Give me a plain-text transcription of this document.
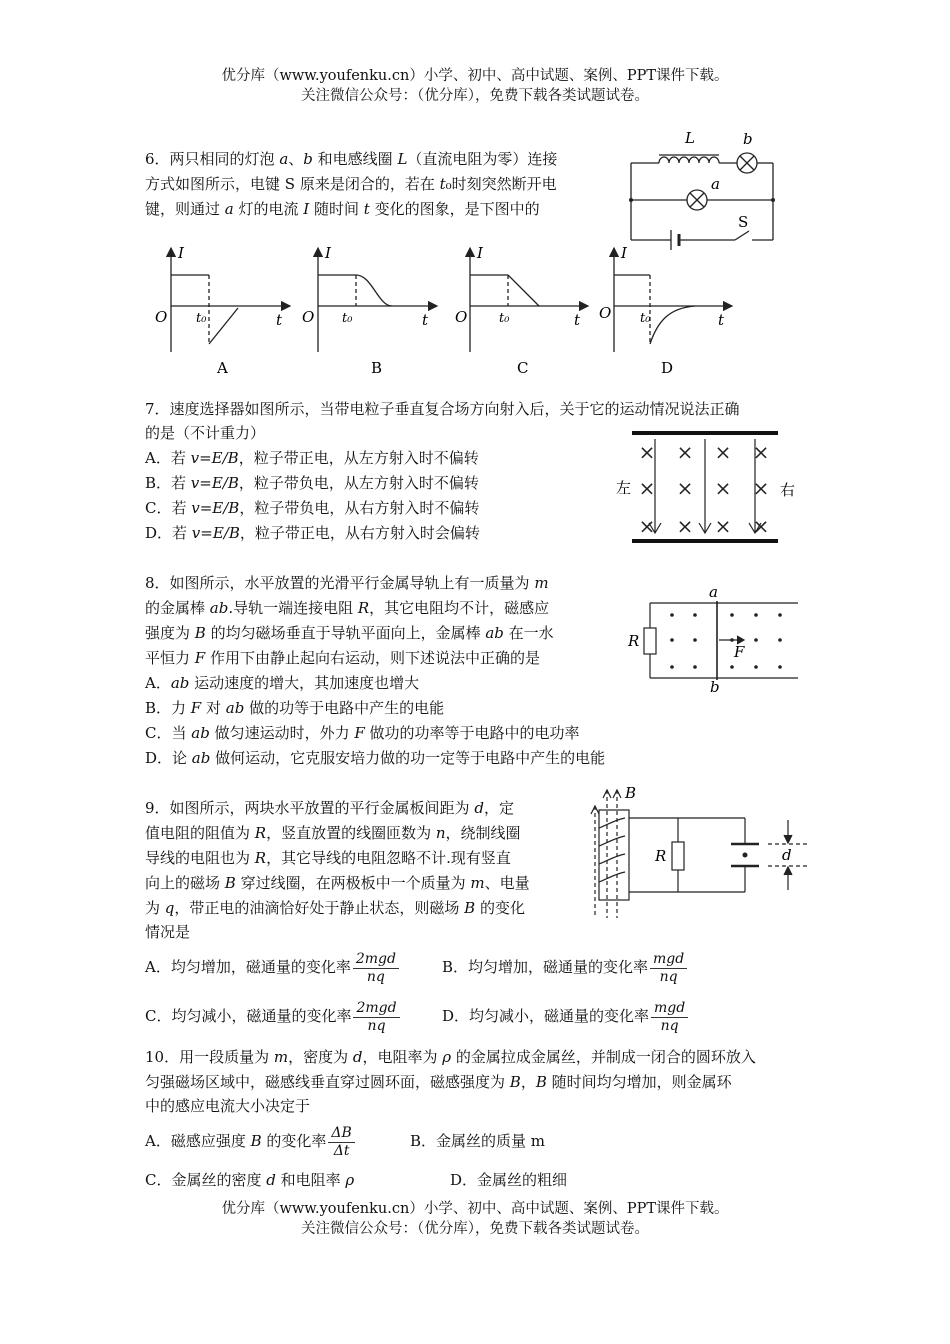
优分库（www.youfenku.cn）小学、初中、高中试题、案例、PPT课件下载。
关注微信公众号：（优分库），免费下载各类试题试卷。
6．两只相同的灯泡 a、b 和电感线圈 L（直流电阻为零）连接
方式如图所示，电键 S 原来是闭合的，若在 t₀时刻突然断开电
键，则通过 a 灯的电流 I 随时间 t 变化的图象，是下图中的
L	b
a
S
I
O t₀	t
A
I
O t₀	t
B
I
O t₀	t
C
I
O t₀	t
D
7．速度选择器如图所示，当带电粒子垂直复合场方向射入后，关于它的运动情况说法正确
的是（不计重力）
A．若 v=E/B，粒子带正电，从左方射入时不偏转
B．若 v=E/B，粒子带负电，从左方射入时不偏转
C．若 v=E/B，粒子带负电，从右方射入时不偏转
D．若 v=E/B，粒子带正电，从右方射入时会偏转
× × × ×
× × × ×
× × × ×
左	右
8．如图所示，水平放置的光滑平行金属导轨上有一质量为 m
的金属棒 ab.导轨一端连接电阻 R，其它电阻均不计，磁感应
强度为 B 的均匀磁场垂直于导轨平面向上，金属棒 ab 在一水
平恒力 F 作用下由静止起向右运动，则下述说法中正确的是
A．ab 运动速度的增大，其加速度也增大
B．力 F 对 ab 做的功等于电路中产生的电能
C．当 ab 做匀速运动时，外力 F 做功的功率等于电路中的电功率
D．论 ab 做何运动，它克服安培力做的功一定等于电路中产生的电能
a
b
R
F
9．如图所示，两块水平放置的平行金属板间距为 d，定
值电阻的阻值为 R，竖直放置的线圈匝数为 n，绕制线圈
导线的电阻也为 R，其它导线的电阻忽略不计.现有竖直
向上的磁场 B 穿过线圈，在两极板中一个质量为 m、电量
为 q，带正电的油滴恰好处于静止状态，则磁场 B 的变化
情况是
A．均匀增加，磁通量的变化率 $\frac{\text{2mgd}}{nq}$	B．均匀增加，磁通量的变化率 $\frac{\text{mgd}}{nq}$
C．均匀减小，磁通量的变化率 $\frac{\text{2mgd}}{nq}$	D．均匀减小，磁通量的变化率 $\frac{\text{mgd}}{nq}$
B
R	d
10．用一段质量为 m，密度为 d，电阻率为 ρ 的金属拉成金属丝，并制成一闭合的圆环放入
匀强磁场区域中，磁感线垂直穿过圆环面，磁感强度为 B，B 随时间均匀增加，则金属环
中的感应电流大小决定于
A．磁感应强度 B 的变化率 $\frac{\Delta B}{\Delta t}$	B．金属丝的质量 m
C．金属丝的密度 d 和电阻率 ρ	D．金属丝的粗细
优分库（www.youfenku.cn）小学、初中、高中试题、案例、PPT课件下载。
关注微信公众号：（优分库），免费下载各类试题试卷。
